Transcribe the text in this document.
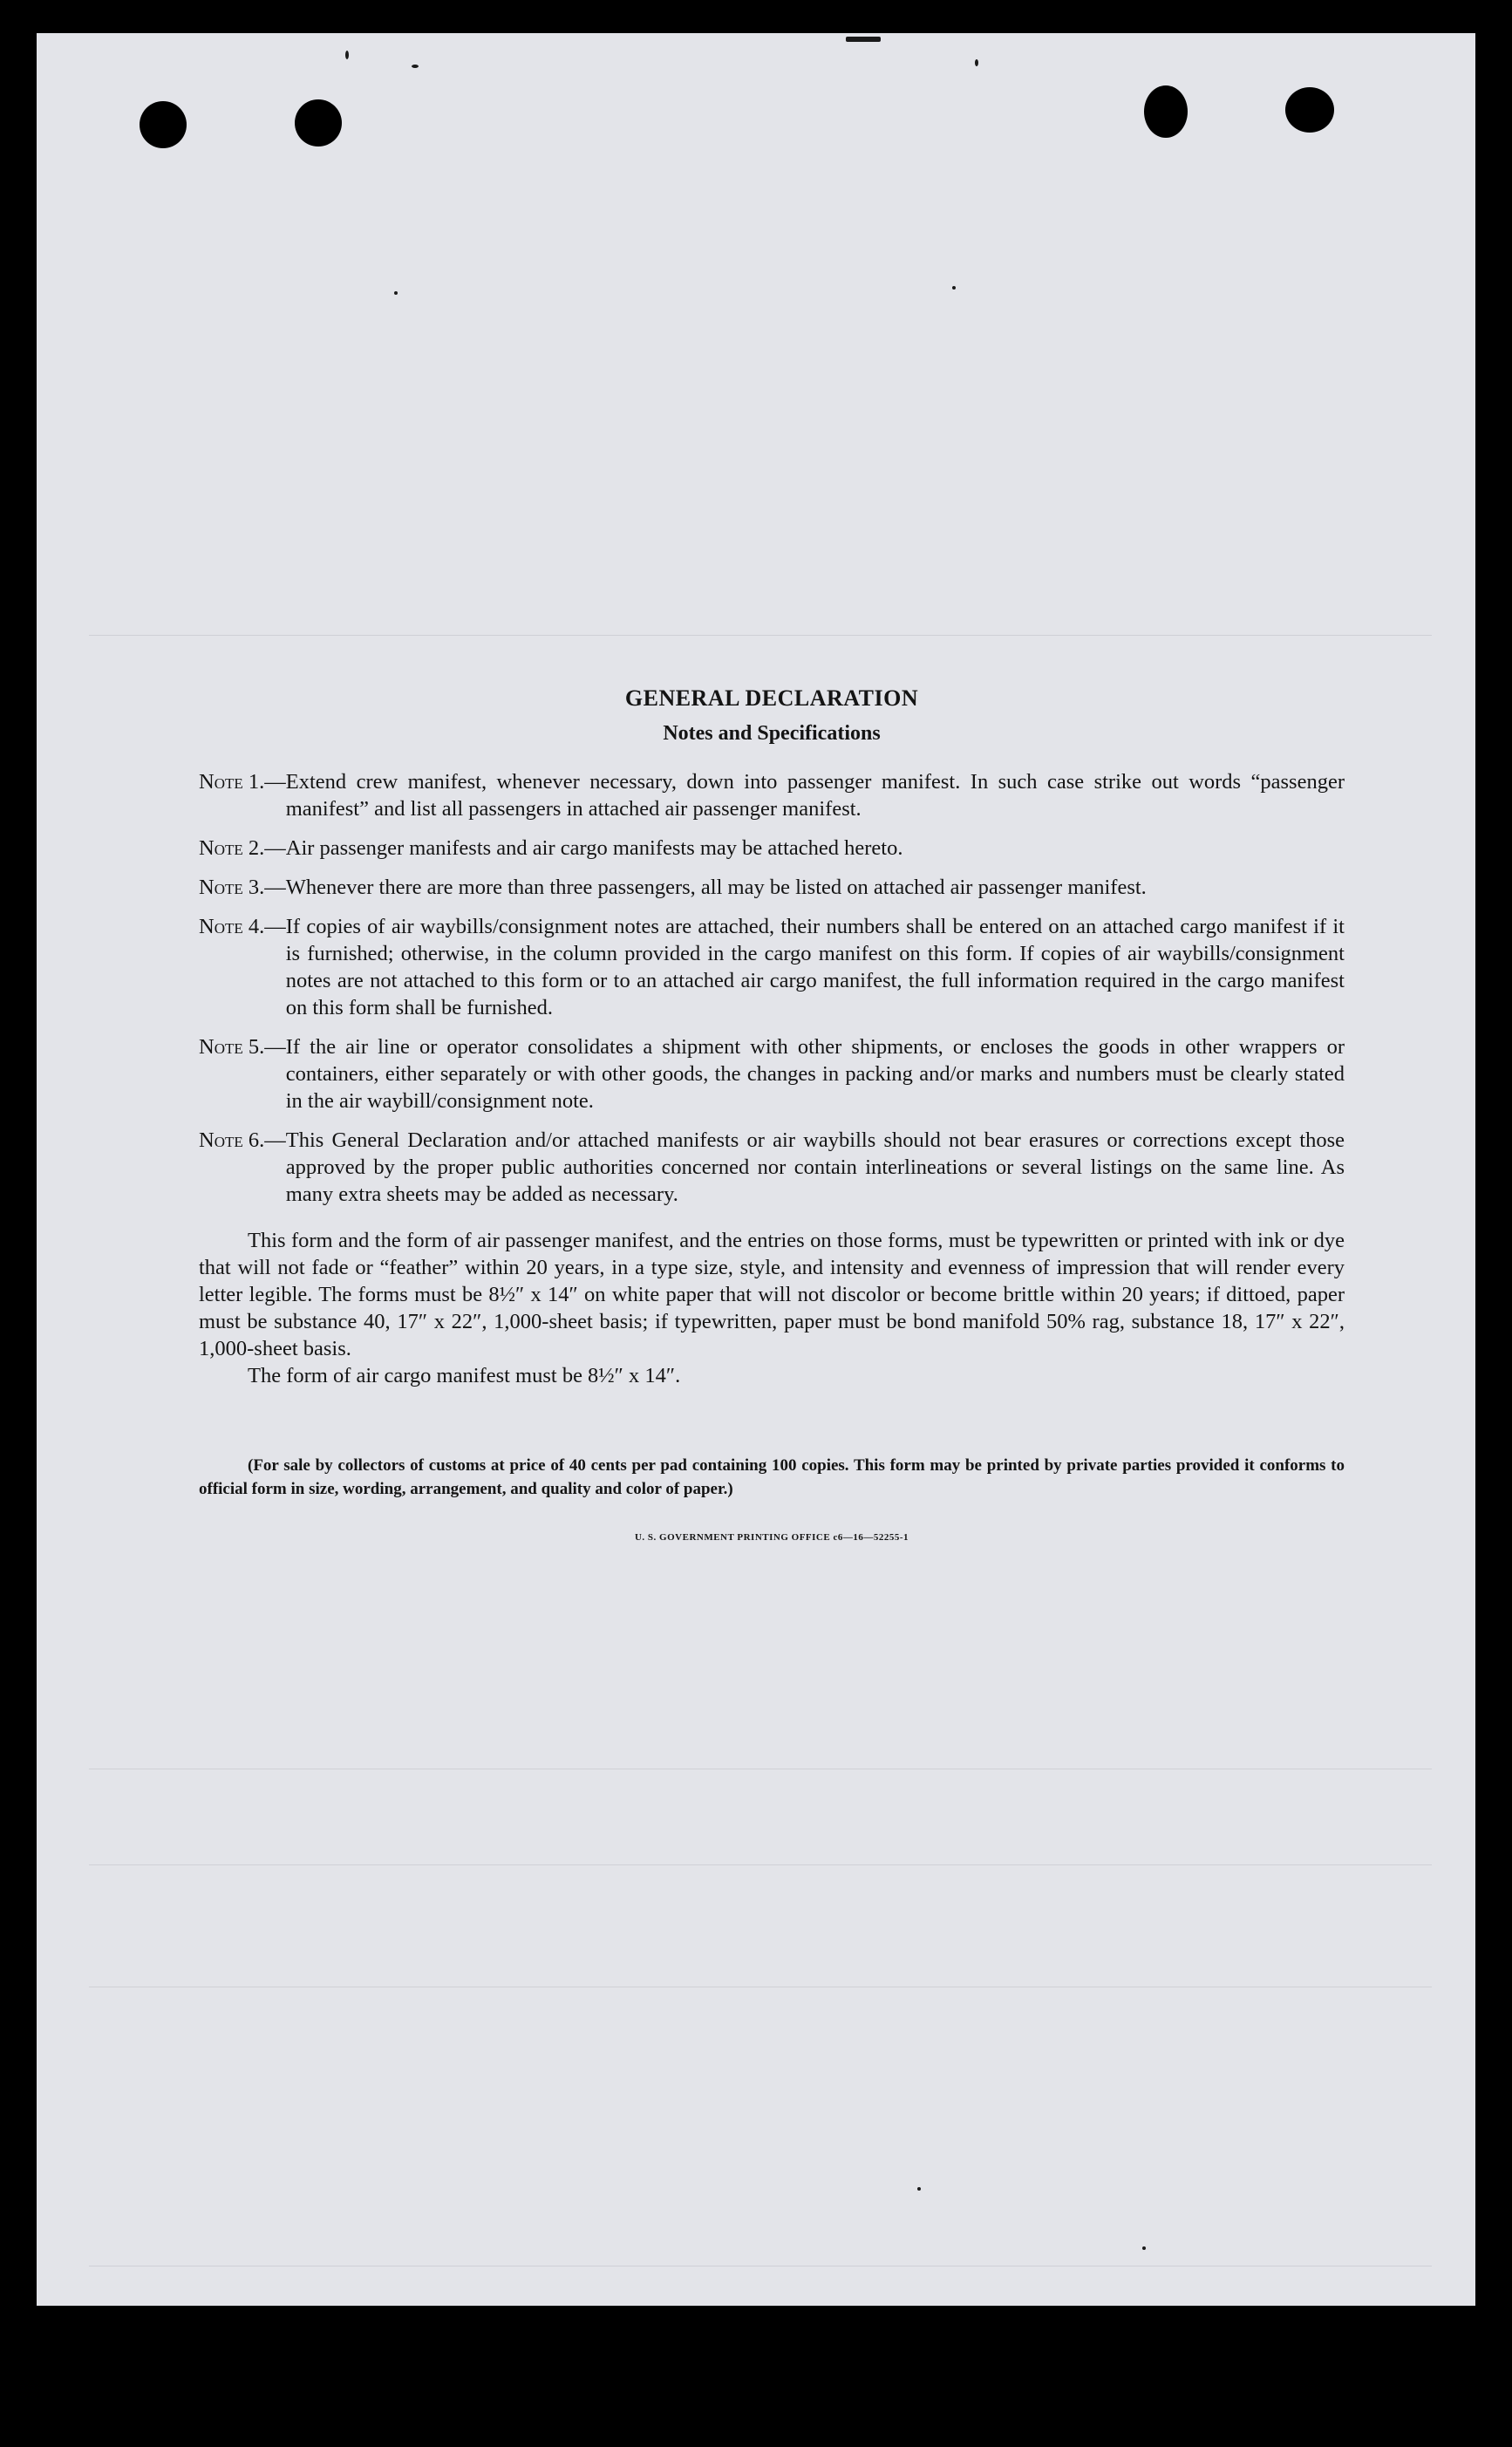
GENERAL DECLARATION
Notes and Specifications
Note 1.— Extend crew manifest, whenever necessary, down into passenger manifest. In such case strike out words “passenger manifest” and list all passengers in attached air passenger manifest.
Note 2.— Air passenger manifests and air cargo manifests may be attached hereto.
Note 3.— Whenever there are more than three passengers, all may be listed on attached air passenger manifest.
Note 4.— If copies of air waybills/consignment notes are attached, their numbers shall be entered on an attached cargo manifest if it is furnished; otherwise, in the column provided in the cargo manifest on this form. If copies of air waybills/consignment notes are not attached to this form or to an attached air cargo manifest, the full information required in the cargo manifest on this form shall be furnished.
Note 5.— If the air line or operator consolidates a shipment with other shipments, or encloses the goods in other wrappers or containers, either separately or with other goods, the changes in packing and/or marks and numbers must be clearly stated in the air waybill/consignment note.
Note 6.— This General Declaration and/or attached manifests or air waybills should not bear erasures or corrections except those approved by the proper public authorities concerned nor contain interlineations or several listings on the same line. As many extra sheets may be added as necessary.
This form and the form of air passenger manifest, and the entries on those forms, must be typewritten or printed with ink or dye that will not fade or “feather” within 20 years, in a type size, style, and intensity and evenness of impression that will render every letter legible. The forms must be 8½″ x 14″ on white paper that will not discolor or become brittle within 20 years; if dittoed, paper must be substance 40, 17″ x 22″, 1,000-sheet basis; if typewritten, paper must be bond manifold 50% rag, substance 18, 17″ x 22″, 1,000-sheet basis.
The form of air cargo manifest must be 8½″ x 14″.
(For sale by collectors of customs at price of 40 cents per pad containing 100 copies. This form may be printed by private parties provided it conforms to official form in size, wording, arrangement, and quality and color of paper.)
U. S. GOVERNMENT PRINTING OFFICE c6—16—52255-1
